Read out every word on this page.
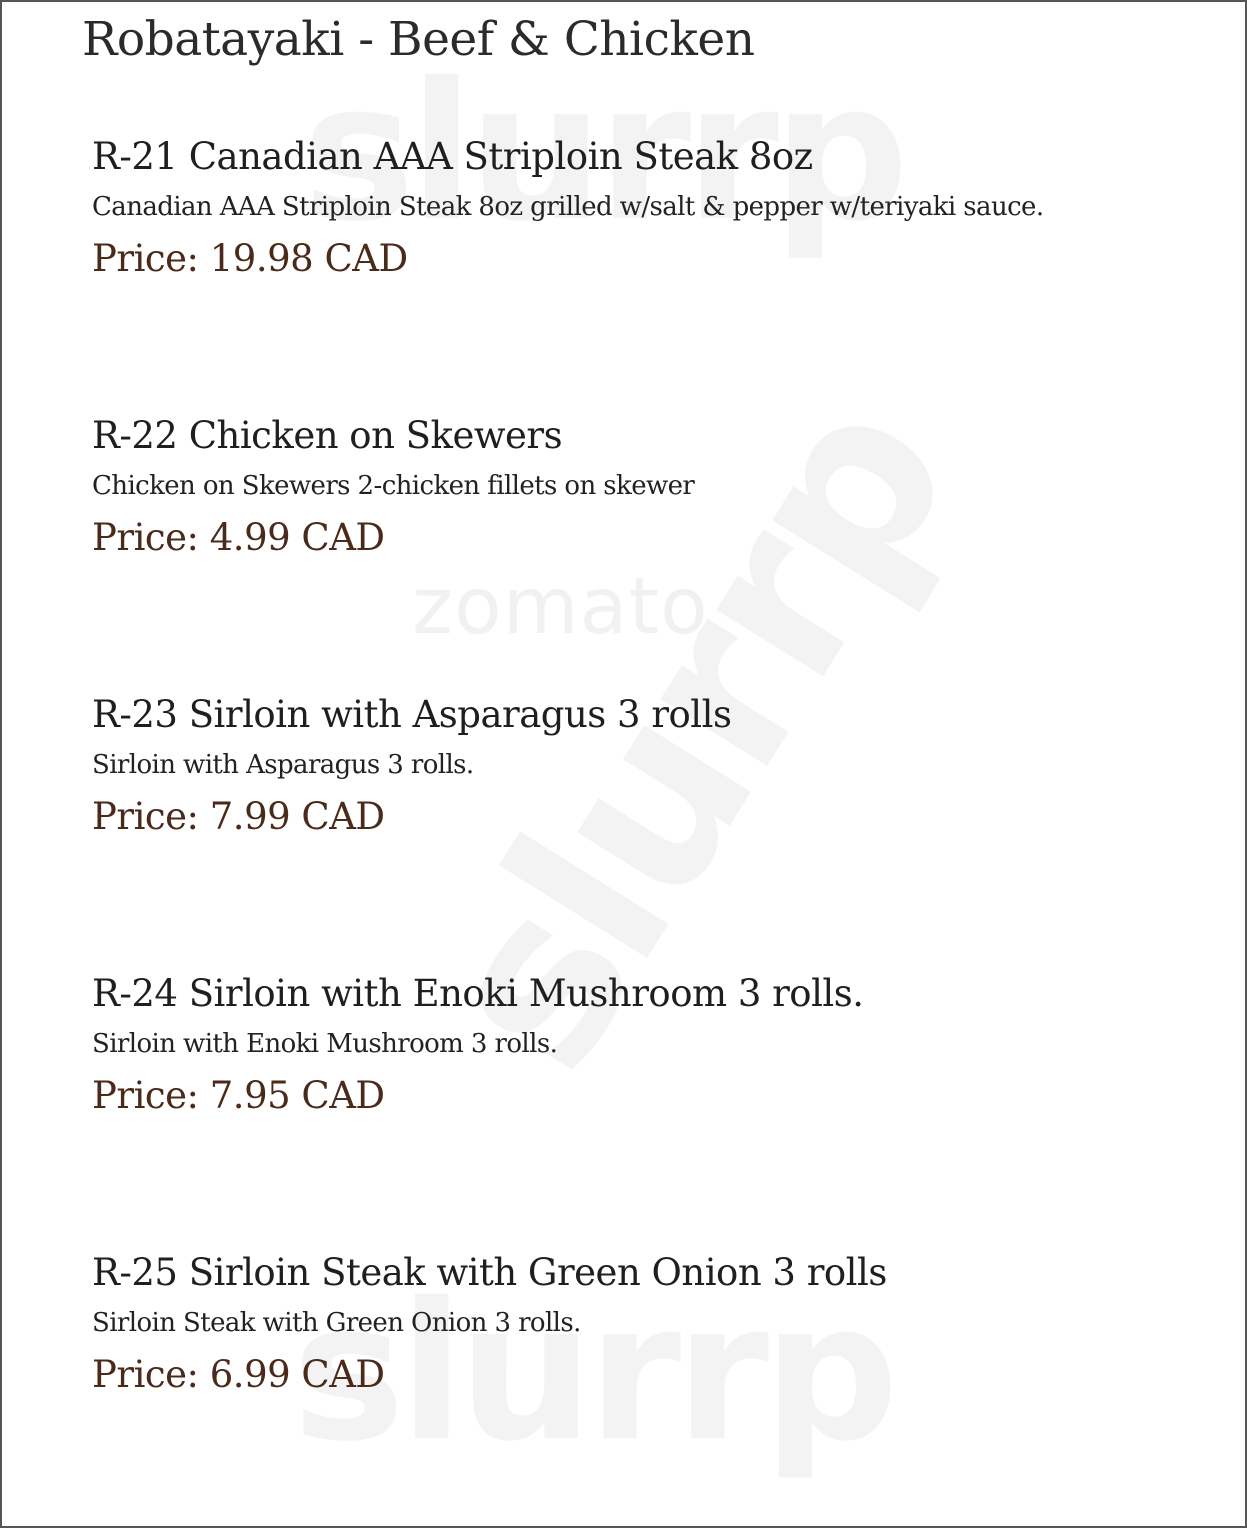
zomato
Robatayaki - Beef & Chicken

R-21 Canadian AAA Striploin Steak 8oz

Canadian AAA Striploin Steak 8oz grilled w/salt & pepper w/teriyaki sauce.

Price: 19.98 CAD

R-22 Chicken on Skewers

Chicken on Skewers 2-chicken fillets on skewer

Price: 4.99 CAD

R-23 Sirloin with Asparagus 3 rolls

Sirloin with Asparagus 3 rolls.

Price: 7.99 CAD

R-24 Sirloin with Enoki Mushroom 3 rolls.

Sirloin with Enoki Mushroom 3 rolls.

Price: 7.95 CAD

R-25 Sirloin Steak with Green Onion 3 rolls

Sirloin Steak with Green Onion 3 rolls.

Price: 6.99 CAD
